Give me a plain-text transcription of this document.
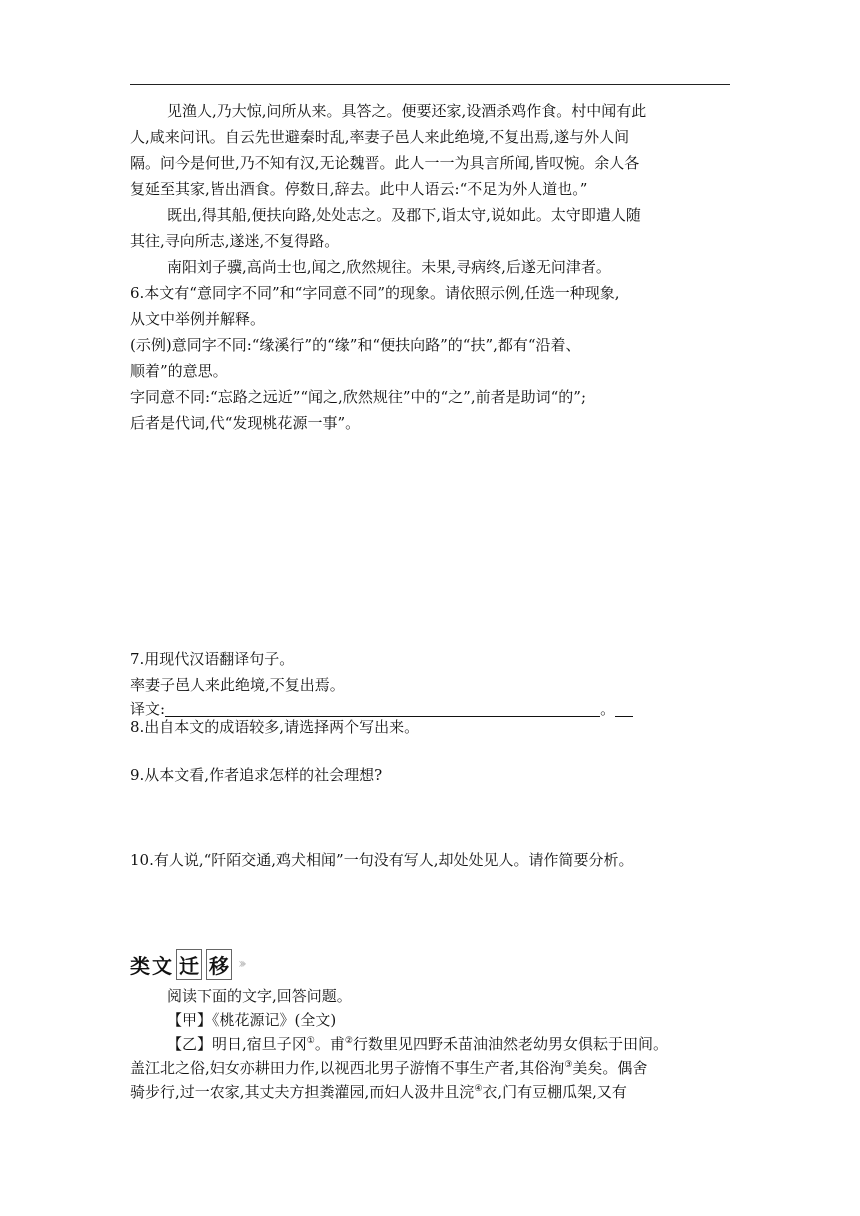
见渔人,乃大惊,问所从来。具答之。便要还家,设酒杀鸡作食。村中闻有此
人,咸来问讯。自云先世避秦时乱,率妻子邑人来此绝境,不复出焉,遂与外人间
隔。问今是何世,乃不知有汉,无论魏晋。此人一一为具言所闻,皆叹惋。余人各
复延至其家,皆出酒食。停数日,辞去。此中人语云:“不足为外人道也。”
既出,得其船,便扶向路,处处志之。及郡下,诣太守,说如此。太守即遣人随
其往,寻向所志,遂迷,不复得路。
南阳刘子骥,高尚士也,闻之,欣然规往。未果,寻病终,后遂无问津者。
6.本文有“意同字不同”和“字同意不同”的现象。请依照示例,任选一种现象,
从文中举例并解释。
(示例)意同字不同:“缘溪行”的“缘”和“便扶向路”的“扶”,都有“沿着、
顺着”的意思。
字同意不同:“忘路之远近”“闻之,欣然规往”中的“之”,前者是助词“的”;
后者是代词,代“发现桃花源一事”。
7.用现代汉语翻译句子。
率妻子邑人来此绝境,不复出焉。
译文:	。
8.出自本文的成语较多,请选择两个写出来。
9.从本文看,作者追求怎样的社会理想?
10.有人说,“阡陌交通,鸡犬相闻”一句没有写人,却处处见人。请作简要分析。
类文 迁 移 ›››
阅读下面的文字,回答问题。
【甲】《桃花源记》(全文)
【乙】明日,宿旦子冈①。甫②行数里见四野禾苗油油然老幼男女俱耘于田间。
盖江北之俗,妇女亦耕田力作,以视西北男子游惰不事生产者,其俗洵③美矣。偶舍
骑步行,过一农家,其丈夫方担粪灌园,而妇人汲井且浣④衣,门有豆棚瓜架,又有
